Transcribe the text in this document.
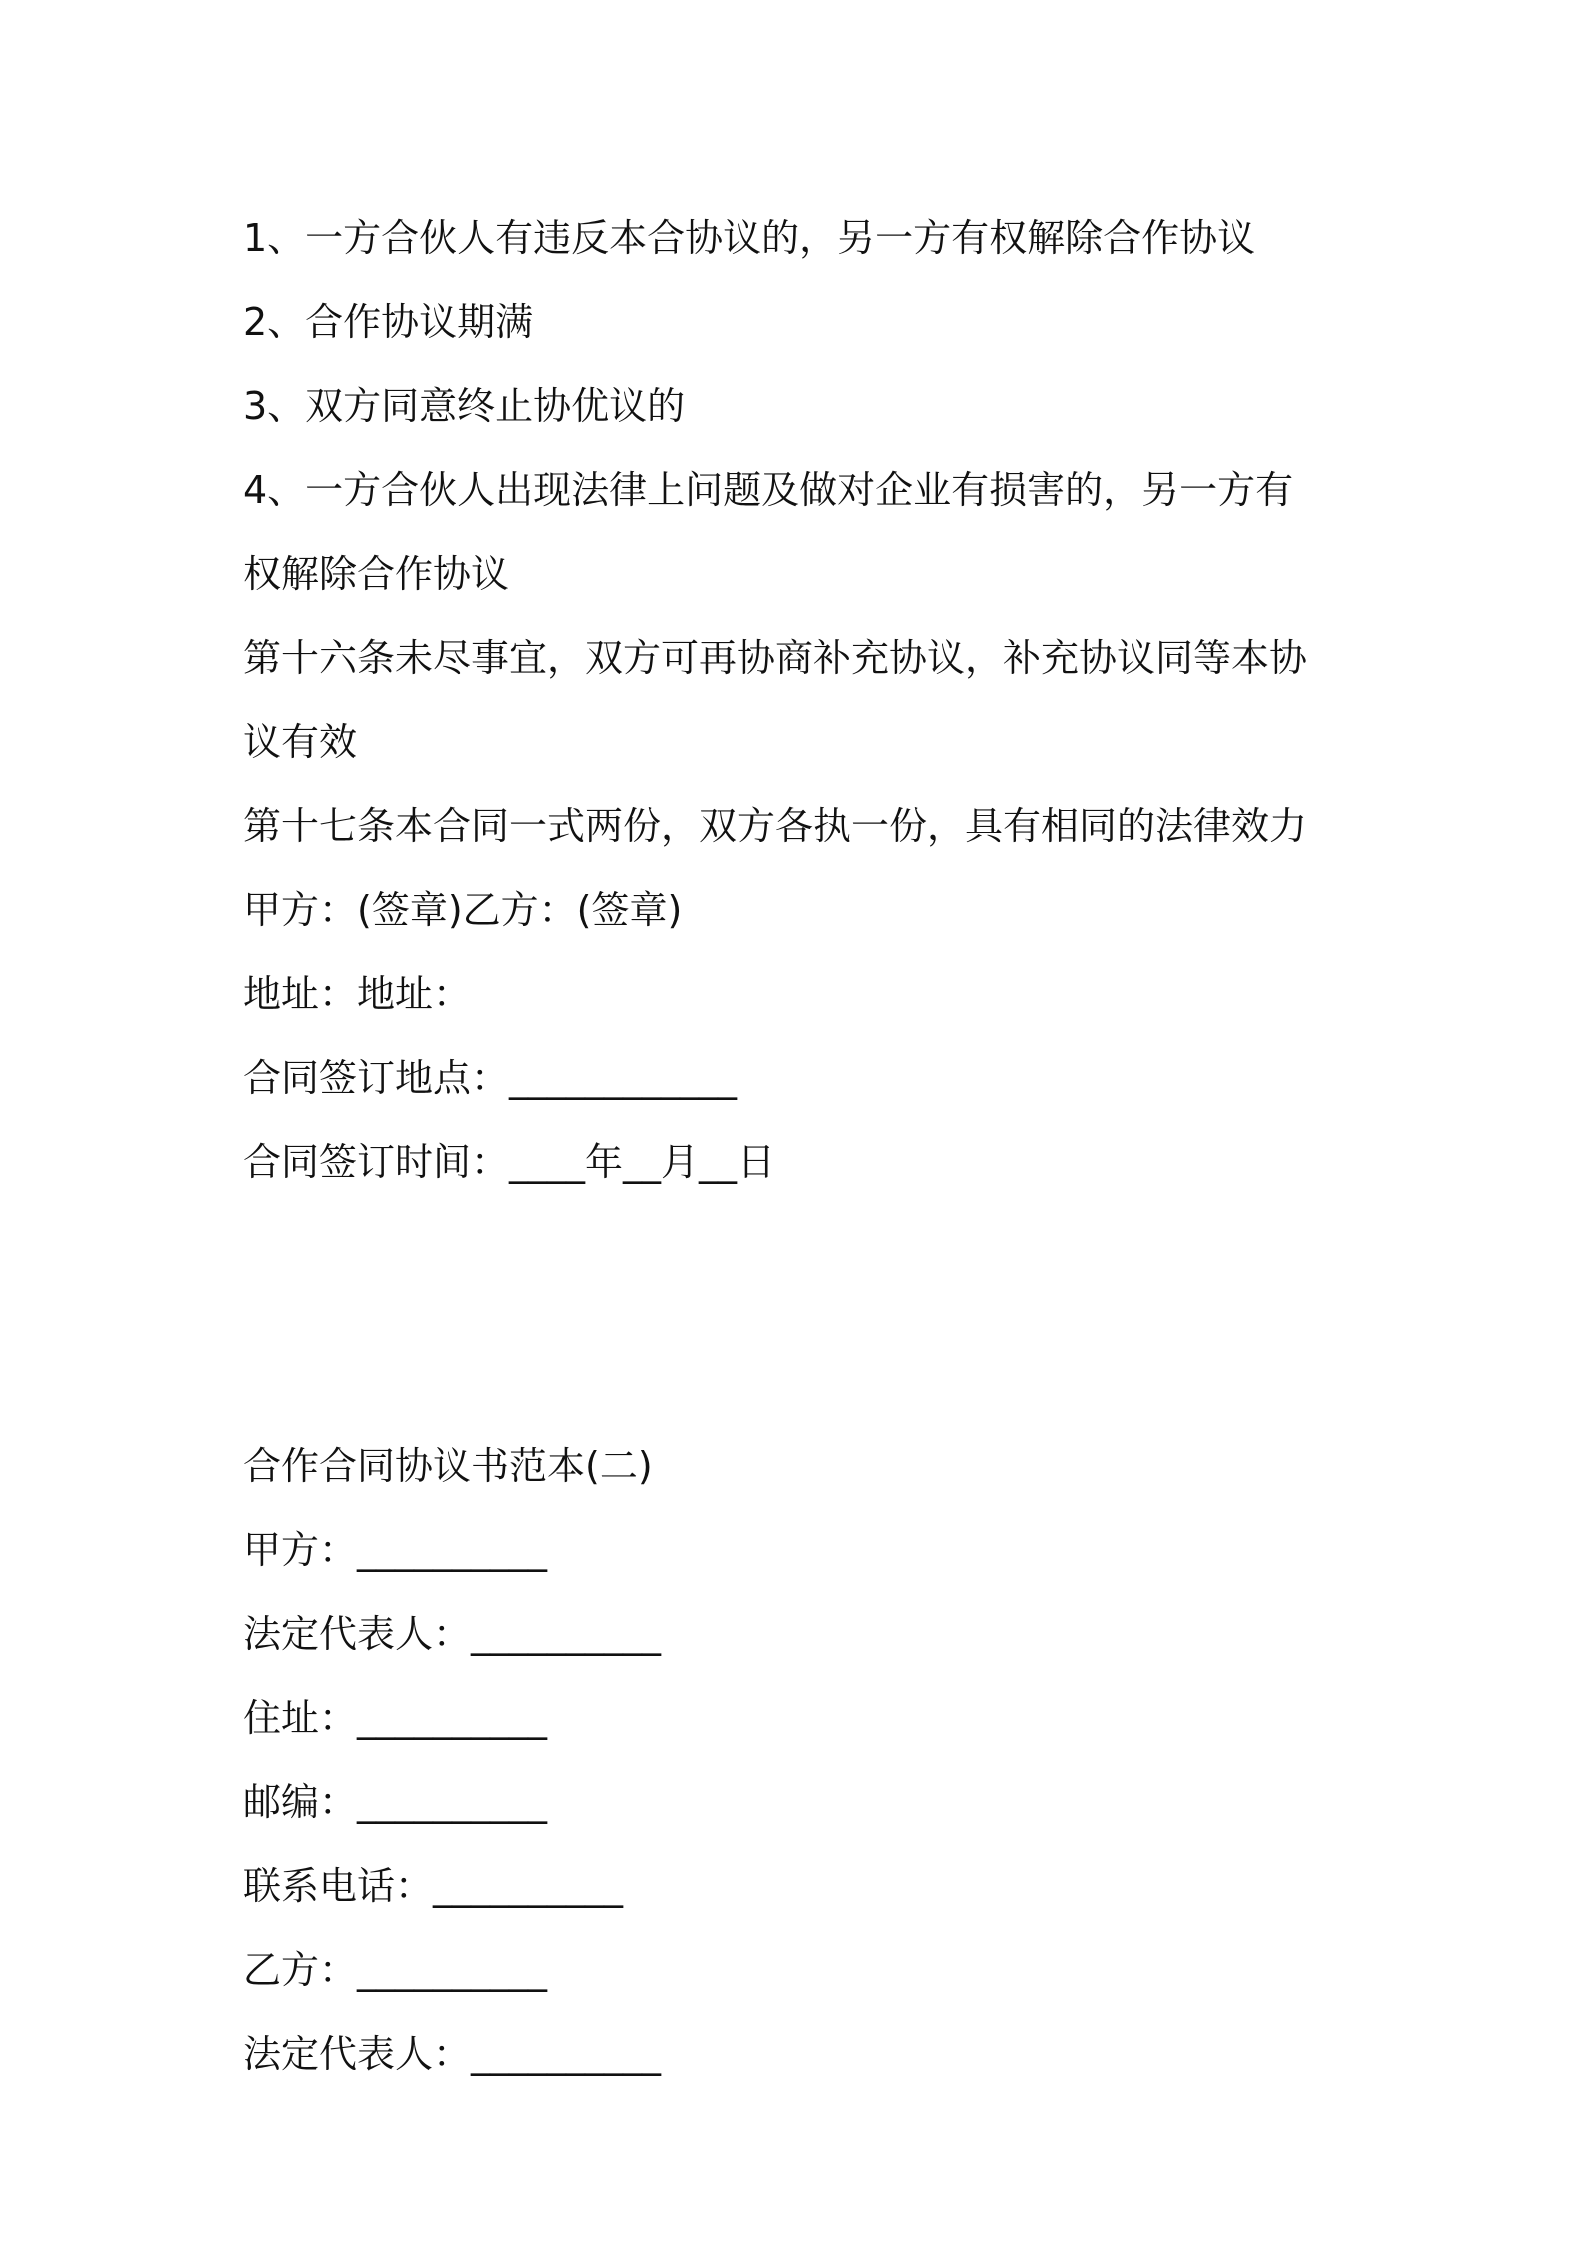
1、一方合伙人有违反本合协议的，另一方有权解除合作协议
2、合作协议期满
3、双方同意终止协优议的
4、一方合伙人出现法律上问题及做对企业有损害的，另一方有
权解除合作协议
第十六条未尽事宜，双方可再协商补充协议，补充协议同等本协
议有效
第十七条本合同一式两份，双方各执一份，具有相同的法律效力
甲方：(签章)乙方：(签章)
地址：地址：
合同签订地点：____________
合同签订时间：____年__月__日
合作合同协议书范本(二)
甲方：__________
法定代表人：__________
住址：__________
邮编：__________
联系电话：__________
乙方：__________
法定代表人：__________
